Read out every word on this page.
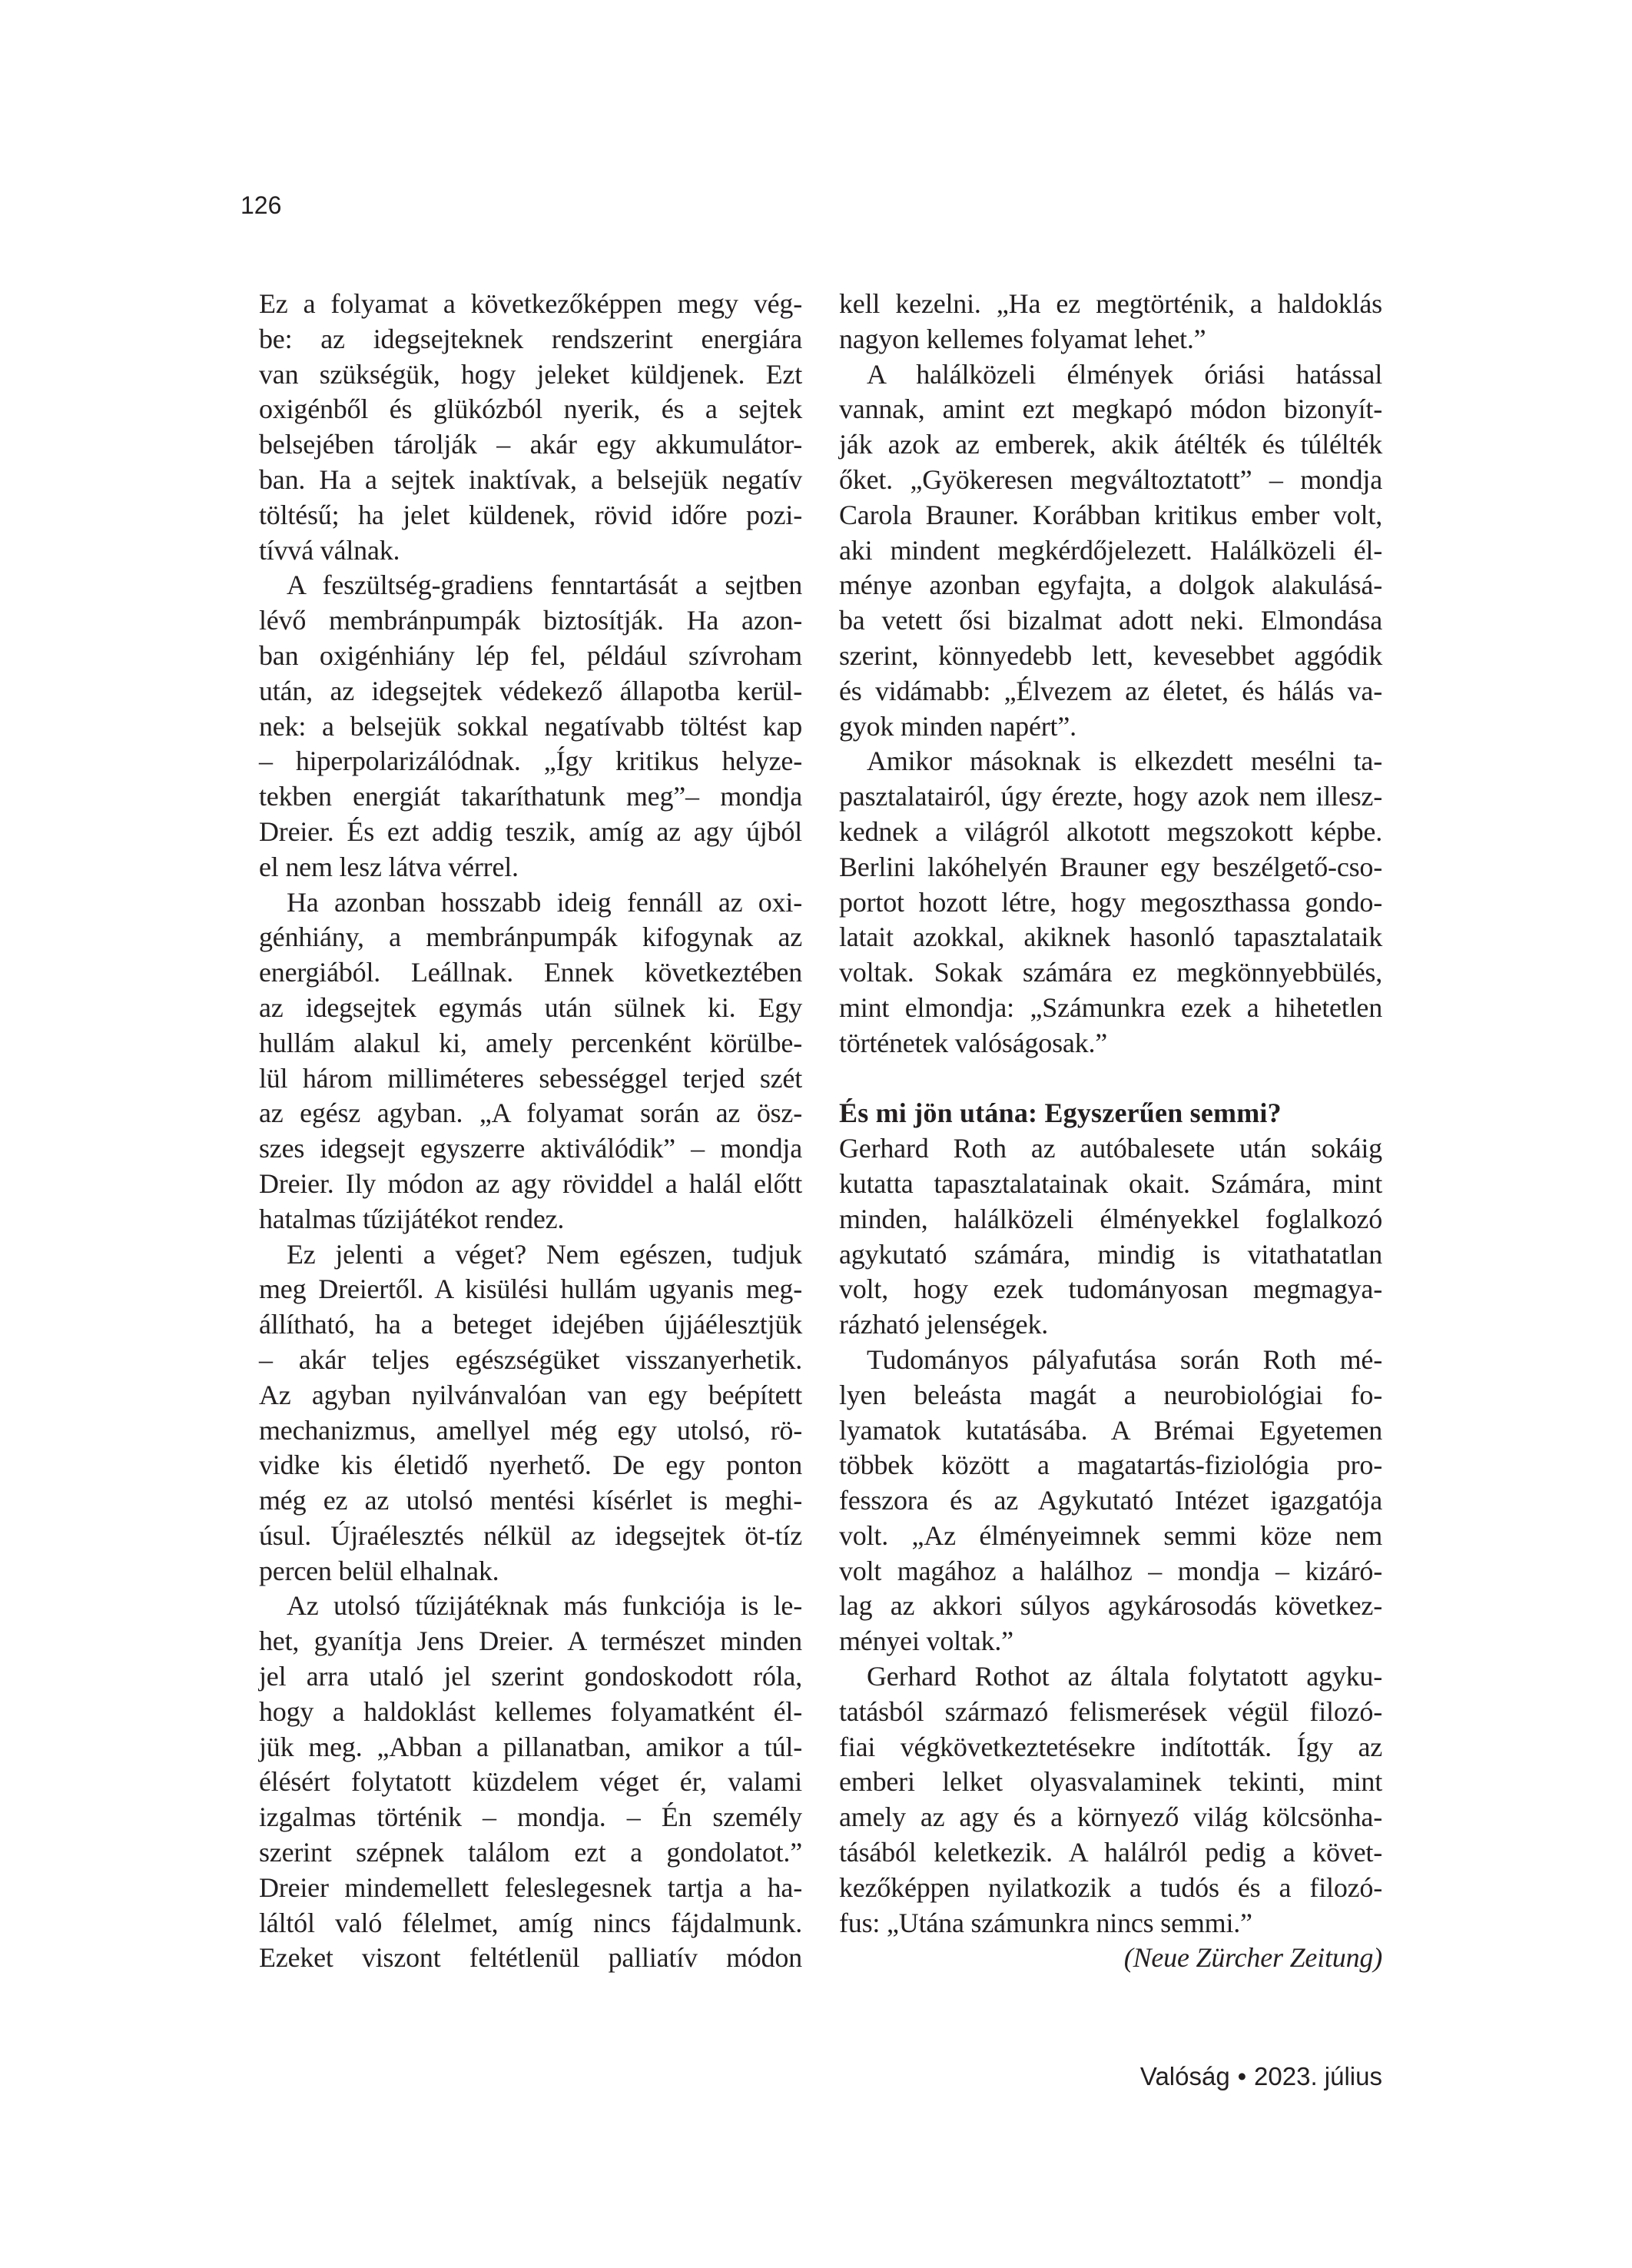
126
Ez a folyamat a következőképpen megy vég-
be: az idegsejteknek rendszerint energiára
van szükségük, hogy jeleket küldjenek. Ezt
oxigénből és glükózból nyerik, és a sejtek
belsejében tárolják – akár egy akkumulátor-
ban. Ha a sejtek inaktívak, a belsejük negatív
töltésű; ha jelet küldenek, rövid időre pozi-
tívvá válnak.
A feszültség-gradiens fenntartását a sejtben
lévő membránpumpák biztosítják. Ha azon-
ban oxigénhiány lép fel, például szívroham
után, az idegsejtek védekező állapotba kerül-
nek: a belsejük sokkal negatívabb töltést kap
– hiperpolarizálódnak. „Így kritikus helyze-
tekben energiát takaríthatunk meg”– mondja
Dreier. És ezt addig teszik, amíg az agy újból
el nem lesz látva vérrel.
Ha azonban hosszabb ideig fennáll az oxi-
génhiány, a membránpumpák kifogynak az
energiából. Leállnak. Ennek következtében
az idegsejtek egymás után sülnek ki. Egy
hullám alakul ki, amely percenként körülbe-
lül három milliméteres sebességgel terjed szét
az egész agyban. „A folyamat során az ösz-
szes idegsejt egyszerre aktiválódik” – mondja
Dreier. Ily módon az agy röviddel a halál előtt
hatalmas tűzijátékot rendez.
Ez jelenti a véget? Nem egészen, tudjuk
meg Dreiertől. A kisülési hullám ugyanis meg-
állítható, ha a beteget idejében újjáélesztjük
– akár teljes egészségüket visszanyerhetik.
Az agyban nyilvánvalóan van egy beépített
mechanizmus, amellyel még egy utolsó, rö-
vidke kis életidő nyerhető. De egy ponton
még ez az utolsó mentési kísérlet is meghi-
úsul. Újraélesztés nélkül az idegsejtek öt-tíz
percen belül elhalnak.
Az utolsó tűzijátéknak más funkciója is le-
het, gyanítja Jens Dreier. A természet minden
jel arra utaló jel szerint gondoskodott róla,
hogy a haldoklást kellemes folyamatként él-
jük meg. „Abban a pillanatban, amikor a túl-
élésért folytatott küzdelem véget ér, valami
izgalmas történik – mondja. – Én személy
szerint szépnek találom ezt a gondolatot.”
Dreier mindemellett feleslegesnek tartja a ha-
láltól való félelmet, amíg nincs fájdalmunk.
Ezeket viszont feltétlenül palliatív módon
kell kezelni. „Ha ez megtörténik, a haldoklás
nagyon kellemes folyamat lehet.”
A halálközeli élmények óriási hatással
vannak, amint ezt megkapó módon bizonyít-
ják azok az emberek, akik átélték és túlélték
őket. „Gyökeresen megváltoztatott” – mondja
Carola Brauner. Korábban kritikus ember volt,
aki mindent megkérdőjelezett. Halálközeli él-
ménye azonban egyfajta, a dolgok alakulásá-
ba vetett ősi bizalmat adott neki. Elmondása
szerint, könnyedebb lett, kevesebbet aggódik
és vidámabb: „Élvezem az életet, és hálás va-
gyok minden napért”.
Amikor másoknak is elkezdett mesélni ta-
pasztalatairól, úgy érezte, hogy azok nem illesz-
kednek a világról alkotott megszokott képbe.
Berlini lakóhelyén Brauner egy beszélgető-cso-
portot hozott létre, hogy megoszthassa gondo-
latait azokkal, akiknek hasonló tapasztalataik
voltak. Sokak számára ez megkönnyebbülés,
mint elmondja: „Számunkra ezek a hihetetlen
történetek valóságosak.”
És mi jön utána: Egyszerűen semmi?
Gerhard Roth az autóbalesete után sokáig
kutatta tapasztalatainak okait. Számára, mint
minden, halálközeli élményekkel foglalkozó
agykutató számára, mindig is vitathatatlan
volt, hogy ezek tudományosan megmagya-
rázható jelenségek.
Tudományos pályafutása során Roth mé-
lyen beleásta magát a neurobiológiai fo-
lyamatok kutatásába. A Brémai Egyetemen
többek között a magatartás-fiziológia pro-
fesszora és az Agykutató Intézet igazgatója
volt. „Az élményeimnek semmi köze nem
volt magához a halálhoz – mondja – kizáró-
lag az akkori súlyos agykárosodás következ-
ményei voltak.”
Gerhard Rothot az általa folytatott agyku-
tatásból származó felismerések végül filozó-
fiai végkövetkeztetésekre indították. Így az
emberi lelket olyasvalaminek tekinti, mint
amely az agy és a környező világ kölcsönha-
tásából keletkezik. A halálról pedig a követ-
kezőképpen nyilatkozik a tudós és a filozó-
fus: „Utána számunkra nincs semmi.”
(Neue Zürcher Zeitung)
Valóság • 2023. július
